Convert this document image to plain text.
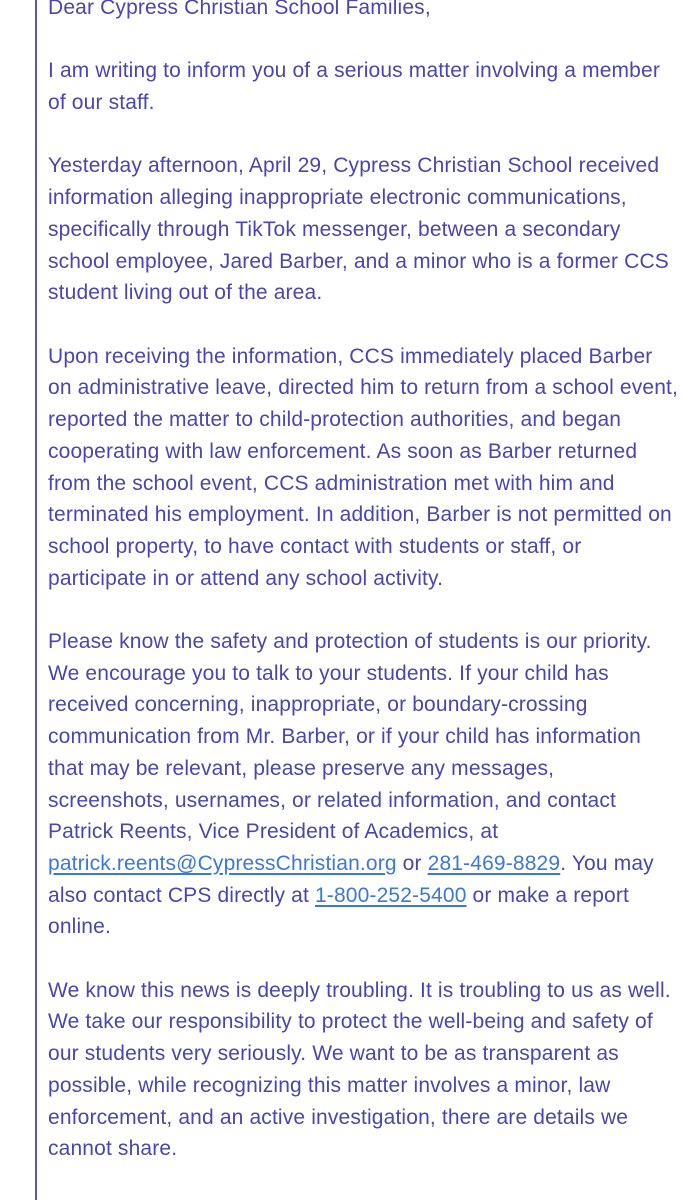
Dear Cypress Christian School Families,

I am writing to inform you of a serious matter involving a member of our staff.

Yesterday afternoon, April 29, Cypress Christian School received information alleging inappropriate electronic communications, specifically through TikTok messenger, between a secondary school employee, Jared Barber, and a minor who is a former CCS student living out of the area.

Upon receiving the information, CCS immediately placed Barber on administrative leave, directed him to return from a school event, reported the matter to child-protection authorities, and began cooperating with law enforcement. As soon as Barber returned from the school event, CCS administration met with him and terminated his employment. In addition, Barber is not permitted on school property, to have contact with students or staff, or participate in or attend any school activity.

Please know the safety and protection of students is our priority. We encourage you to talk to your students. If your child has received concerning, inappropriate, or boundary-crossing communication from Mr. Barber, or if your child has information that may be relevant, please preserve any messages, screenshots, usernames, or related information, and contact Patrick Reents, Vice President of Academics, at patrick.reents@CypressChristian.org or 281-469-8829. You may also contact CPS directly at 1-800-252-5400 or make a report online.

We know this news is deeply troubling. It is troubling to us as well. We take our responsibility to protect the well-being and safety of our students very seriously. We want to be as transparent as possible, while recognizing this matter involves a minor, law enforcement, and an active investigation, there are details we cannot share.
